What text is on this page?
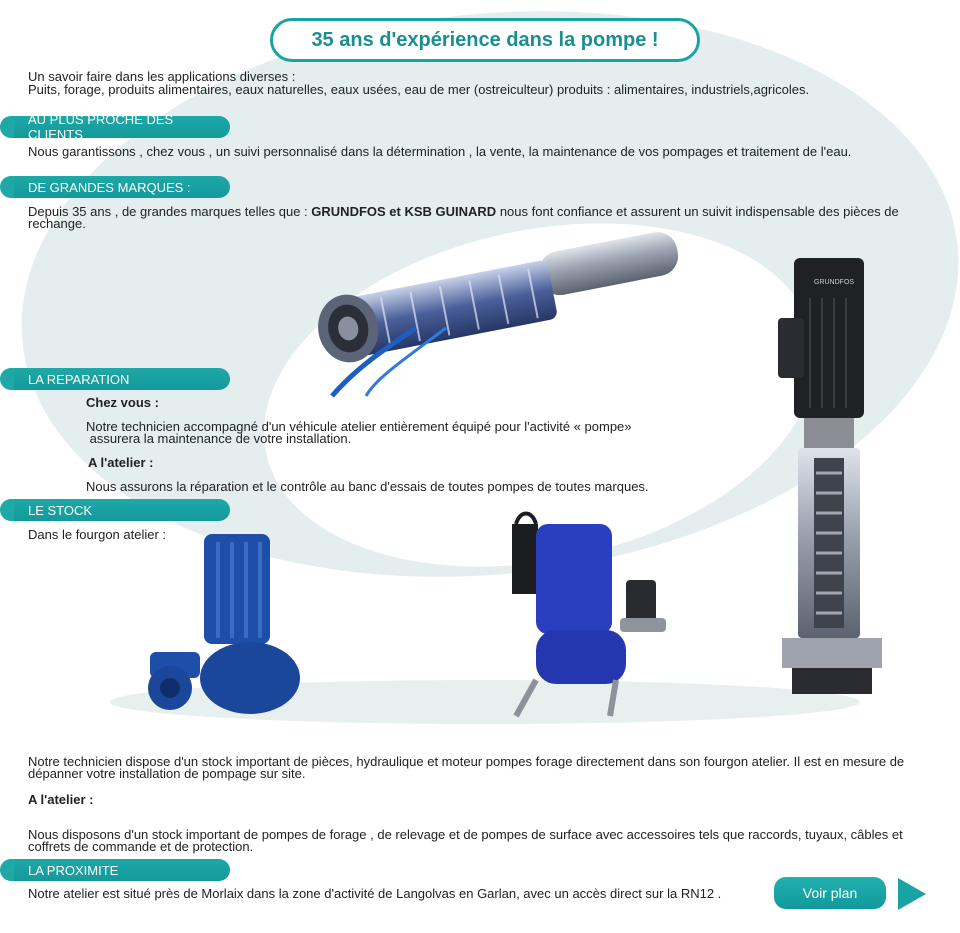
35 ans d'expérience dans la pompe !
Un savoir faire dans les applications diverses :
Puits, forage, produits alimentaires, eaux naturelles, eaux usées, eau de mer (ostreiculteur) produits : alimentaires, industriels,agricoles.
AU PLUS PROCHE DES CLIENTS
Nous garantissons , chez vous , un suivi personnalisé dans la détermination , la vente, la maintenance de vos pompages et traitement de l'eau.
DE GRANDES MARQUES :
Depuis 35 ans , de grandes marques telles que : GRUNDFOS et KSB GUINARD nous font confiance et assurent un suivit indispensable des pièces de
rechange.
GRUNDFOS
LA REPARATION
Chez vous :
Notre technicien accompagné d'un véhicule atelier entièrement équipé pour l'activité « pompe»
assurera la maintenance de votre installation.
A l'atelier :
Nous assurons la réparation et le contrôle au banc d'essais de toutes pompes de toutes marques.
LE STOCK
Dans le fourgon atelier :
Notre technicien dispose d'un stock important de pièces, hydraulique et moteur pompes forage directement dans son fourgon atelier. Il est en mesure de
dépanner votre installation de pompage sur site.
A l'atelier :
Nous disposons d'un stock important de pompes de forage , de relevage et de pompes de surface avec accessoires tels que raccords, tuyaux, câbles et
coffrets de commande et de protection.
LA PROXIMITE
Notre atelier est situé près de Morlaix dans la zone d'activité de Langolvas en Garlan, avec un accès direct sur la RN12 .	Voir plan
